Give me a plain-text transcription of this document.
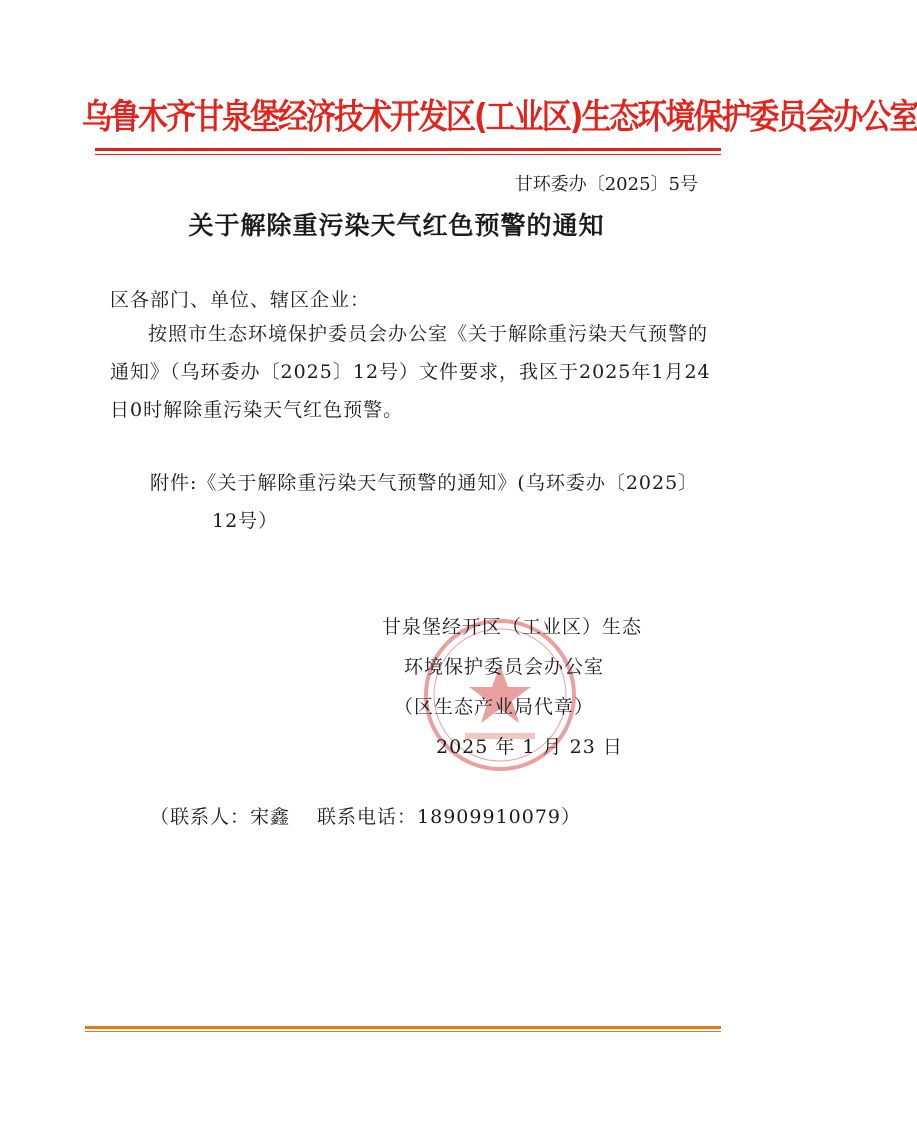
乌鲁木齐甘泉堡经济技术开发区(工业区)生态环境保护委员会办公室
甘环委办〔2025〕5号
关于解除重污染天气红色预警的通知
区各部门、单位、辖区企业：
按照市生态环境保护委员会办公室《关于解除重污染天气预警的通知》（乌环委办〔2025〕12号）文件要求，我区于2025年1月24日0时解除重污染天气红色预警。
附件:《关于解除重污染天气预警的通知》(乌环委办〔2025〕
12号）
甘泉堡经开区（工业区）生态
环境保护委员会办公室
（区生态产业局代章）
2025 年 1 月 23 日
（联系人：宋鑫　 联系电话：18909910079）
